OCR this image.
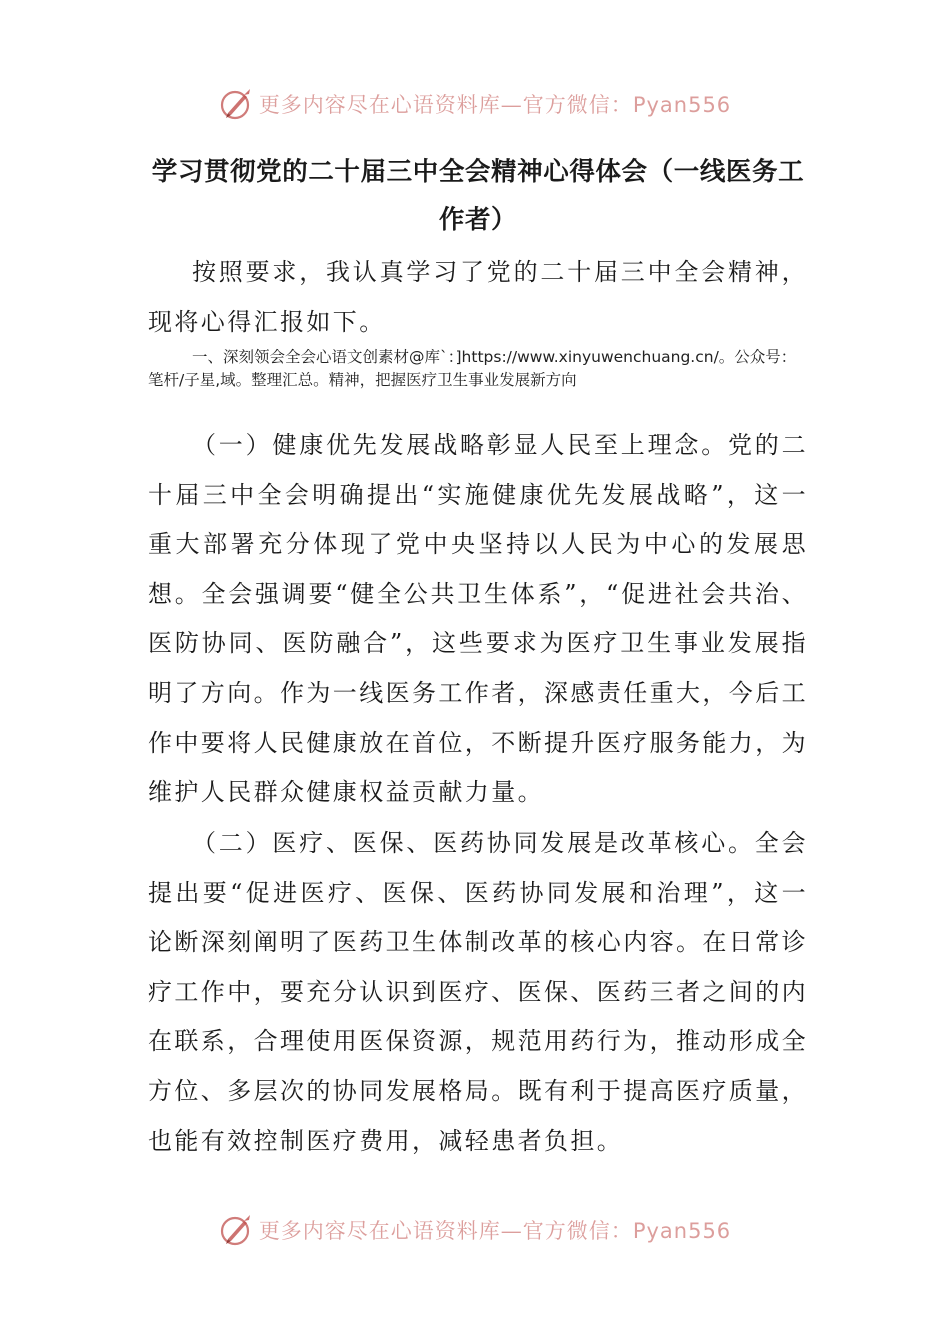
更多内容尽在心语资料库—官方微信：Pyan556
学习贯彻党的二十届三中全会精神心得体会（一线医务工作者）
按照要求，我认真学习了党的二十届三中全会精神，现将心得汇报如下。
一、深刻领会全会心语文创素材@库`：]https://www.xinyuwenchuang.cn/。公众号：笔杆/子星,域。整理汇总。精神，把握医疗卫生事业发展新方向
（一）健康优先发展战略彰显人民至上理念。党的二十届三中全会明确提出“实施健康优先发展战略”，这一重大部署充分体现了党中央坚持以人民为中心的发展思想。全会强调要“健全公共卫生体系”，“促进社会共治、医防协同、医防融合”，这些要求为医疗卫生事业发展指明了方向。作为一线医务工作者，深感责任重大，今后工作中要将人民健康放在首位，不断提升医疗服务能力，为维护人民群众健康权益贡献力量。
（二）医疗、医保、医药协同发展是改革核心。全会提出要“促进医疗、医保、医药协同发展和治理”，这一论断深刻阐明了医药卫生体制改革的核心内容。在日常诊疗工作中，要充分认识到医疗、医保、医药三者之间的内在联系，合理使用医保资源，规范用药行为，推动形成全方位、多层次的协同发展格局。既有利于提高医疗质量，也能有效控制医疗费用，减轻患者负担。
更多内容尽在心语资料库—官方微信：Pyan556
